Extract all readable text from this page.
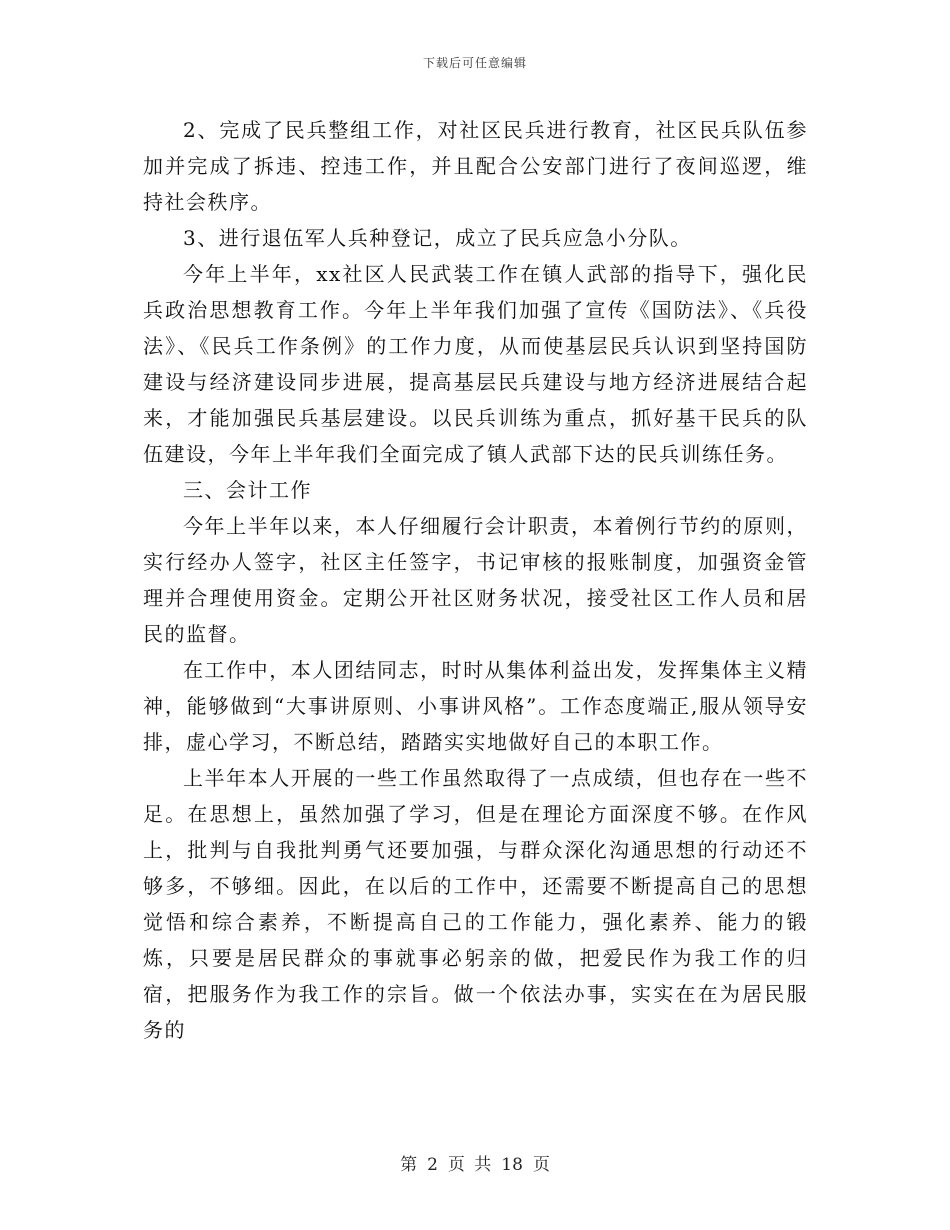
下载后可任意编辑

2、完成了民兵整组工作，对社区民兵进行教育，社区民兵队伍参加并完成了拆违、控违工作，并且配合公安部门进行了夜间巡逻，维持社会秩序。

3、进行退伍军人兵种登记，成立了民兵应急小分队。

今年上半年，xx社区人民武装工作在镇人武部的指导下，强化民兵政治思想教育工作。今年上半年我们加强了宣传《国防法》、《兵役法》、《民兵工作条例》的工作力度，从而使基层民兵认识到坚持国防建设与经济建设同步进展，提高基层民兵建设与地方经济进展结合起来，才能加强民兵基层建设。以民兵训练为重点，抓好基干民兵的队伍建设，今年上半年我们全面完成了镇人武部下达的民兵训练任务。

三、会计工作

今年上半年以来，本人仔细履行会计职责，本着例行节约的原则，实行经办人签字，社区主任签字，书记审核的报账制度，加强资金管理并合理使用资金。定期公开社区财务状况，接受社区工作人员和居民的监督。

在工作中，本人团结同志，时时从集体利益出发，发挥集体主义精神，能够做到“大事讲原则、小事讲风格”。工作态度端正,服从领导安排，虚心学习，不断总结，踏踏实实地做好自己的本职工作。

上半年本人开展的一些工作虽然取得了一点成绩，但也存在一些不足。在思想上，虽然加强了学习，但是在理论方面深度不够。在作风上，批判与自我批判勇气还要加强，与群众深化沟通思想的行动还不够多，不够细。因此，在以后的工作中，还需要不断提高自己的思想觉悟和综合素养，不断提高自己的工作能力，强化素养、能力的锻炼，只要是居民群众的事就事必躬亲的做，把爱民作为我工作的归宿，把服务作为我工作的宗旨。做一个依法办事，实实在在为居民服务的

第 2 页 共 18 页
